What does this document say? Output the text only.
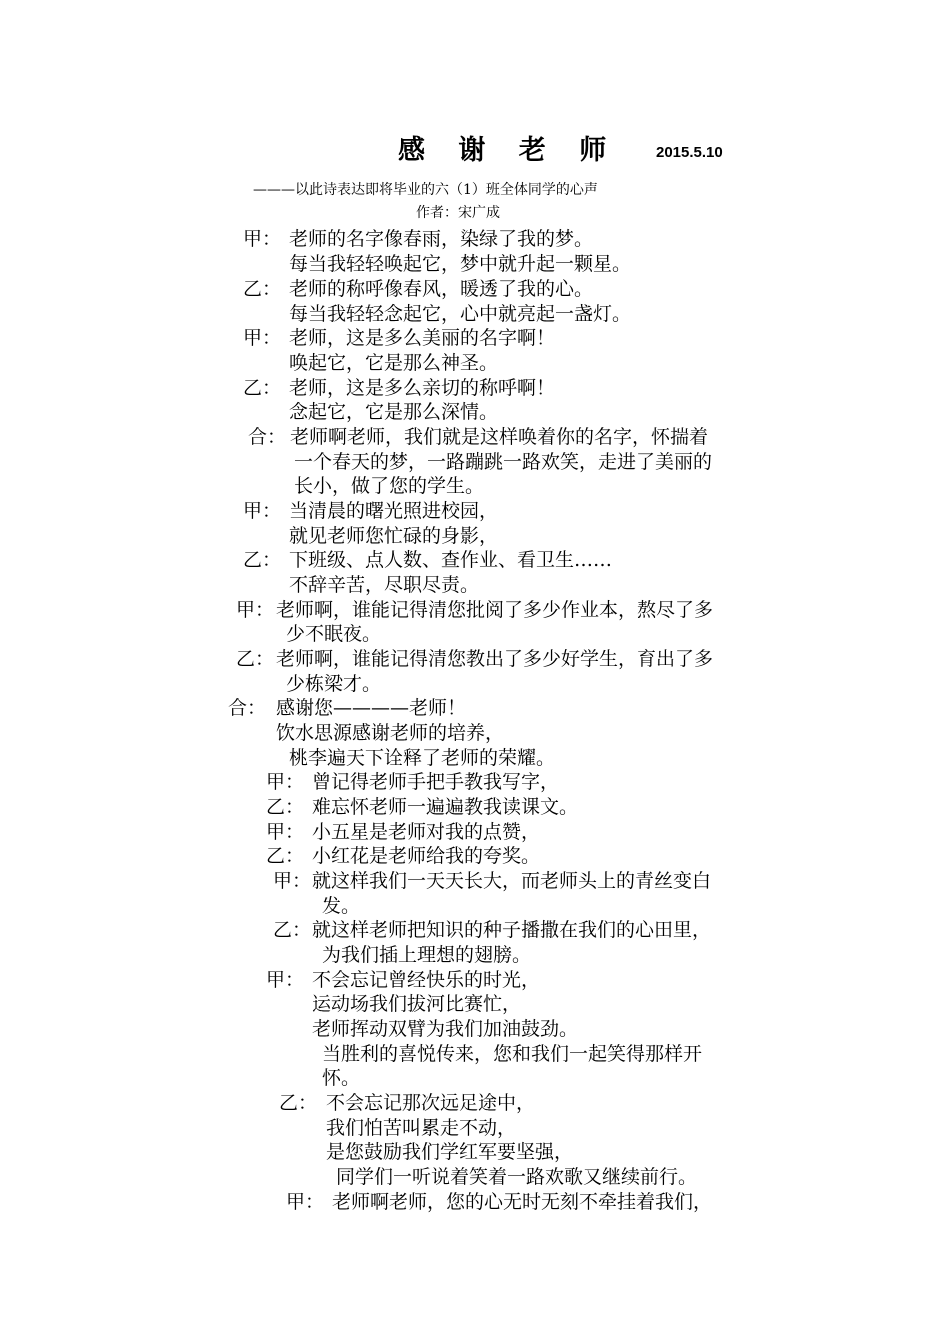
感 谢 老 师	2015.5.10
———以此诗表达即将毕业的六（1）班全体同学的心声
作者：宋广成
甲： 老师的名字像春雨，染绿了我的梦。
每当我轻轻唤起它，梦中就升起一颗星。
乙： 老师的称呼像春风，暖透了我的心。
每当我轻轻念起它，心中就亮起一盏灯。
甲： 老师，这是多么美丽的名字啊！
唤起它，它是那么神圣。
乙： 老师，这是多么亲切的称呼啊！
念起它，它是那么深情。
合： 老师啊老师，我们就是这样唤着你的名字，怀揣着
一个春天的梦，一路蹦跳一路欢笑，走进了美丽的
长小，做了您的学生。
甲： 当清晨的曙光照进校园，
就见老师您忙碌的身影，
乙： 下班级、点人数、查作业、看卫生……
不辞辛苦，尽职尽责。
甲： 老师啊，谁能记得清您批阅了多少作业本，熬尽了多
少不眠夜。
乙： 老师啊，谁能记得清您教出了多少好学生，育出了多
少栋梁才。
合： 感谢您————老师！
饮水思源感谢老师的培养，
桃李遍天下诠释了老师的荣耀。
甲： 曾记得老师手把手教我写字，
乙： 难忘怀老师一遍遍教我读课文。
甲： 小五星是老师对我的点赞，
乙： 小红花是老师给我的夸奖。
甲： 就这样我们一天天长大，而老师头上的青丝变白
发。
乙： 就这样老师把知识的种子播撒在我们的心田里，
为我们插上理想的翅膀。
甲： 不会忘记曾经快乐的时光，
运动场我们拔河比赛忙，
老师挥动双臂为我们加油鼓劲。
当胜利的喜悦传来，您和我们一起笑得那样开
怀。
乙： 不会忘记那次远足途中，
我们怕苦叫累走不动，
是您鼓励我们学红军要坚强，
同学们一听说着笑着一路欢歌又继续前行。
甲： 老师啊老师，您的心无时无刻不牵挂着我们，
